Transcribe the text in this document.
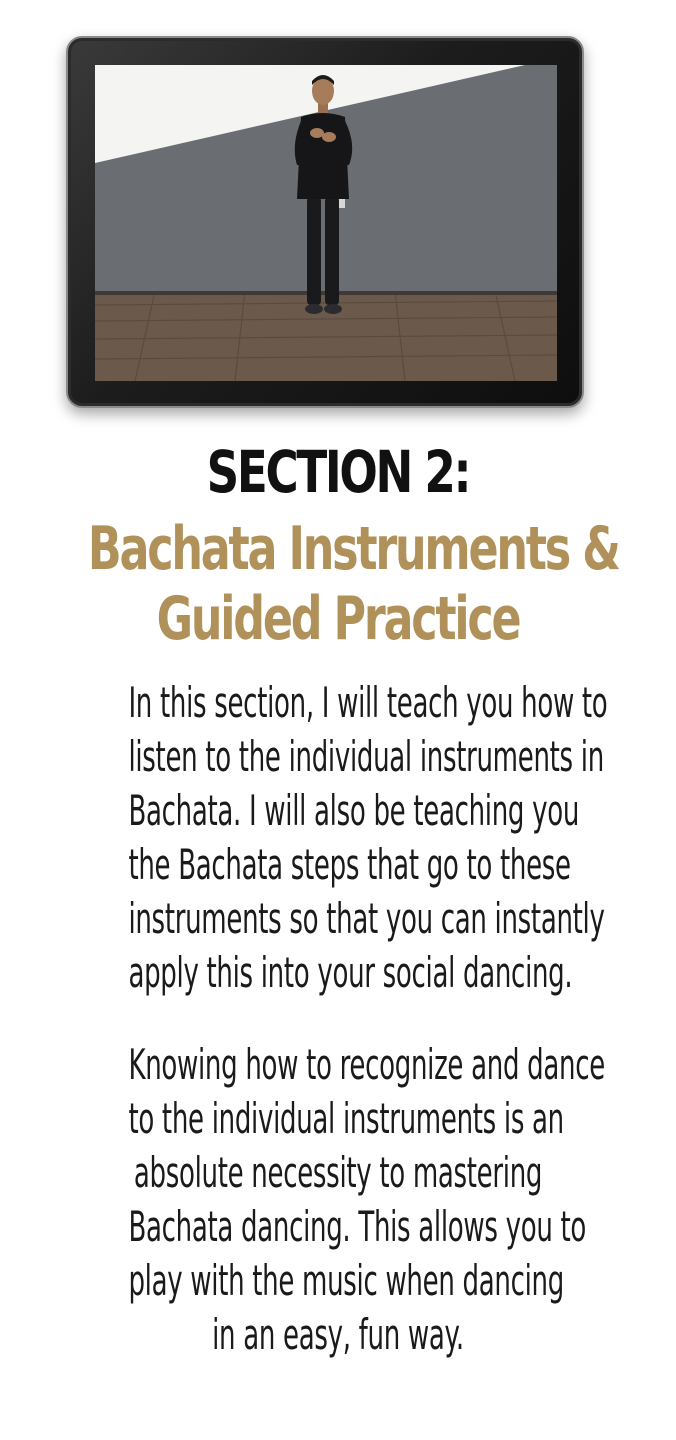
SECTION 2:
Bachata Instruments &
Guided Practice

In this section, I will teach you how to
listen to the individual instruments in
Bachata. I will also be teaching you
the Bachata steps that go to these
instruments so that you can instantly
apply this into your social dancing.

Knowing how to recognize and dance
to the individual instruments is an
absolute necessity to mastering
Bachata dancing. This allows you to
play with the music when dancing
in an easy, fun way.
